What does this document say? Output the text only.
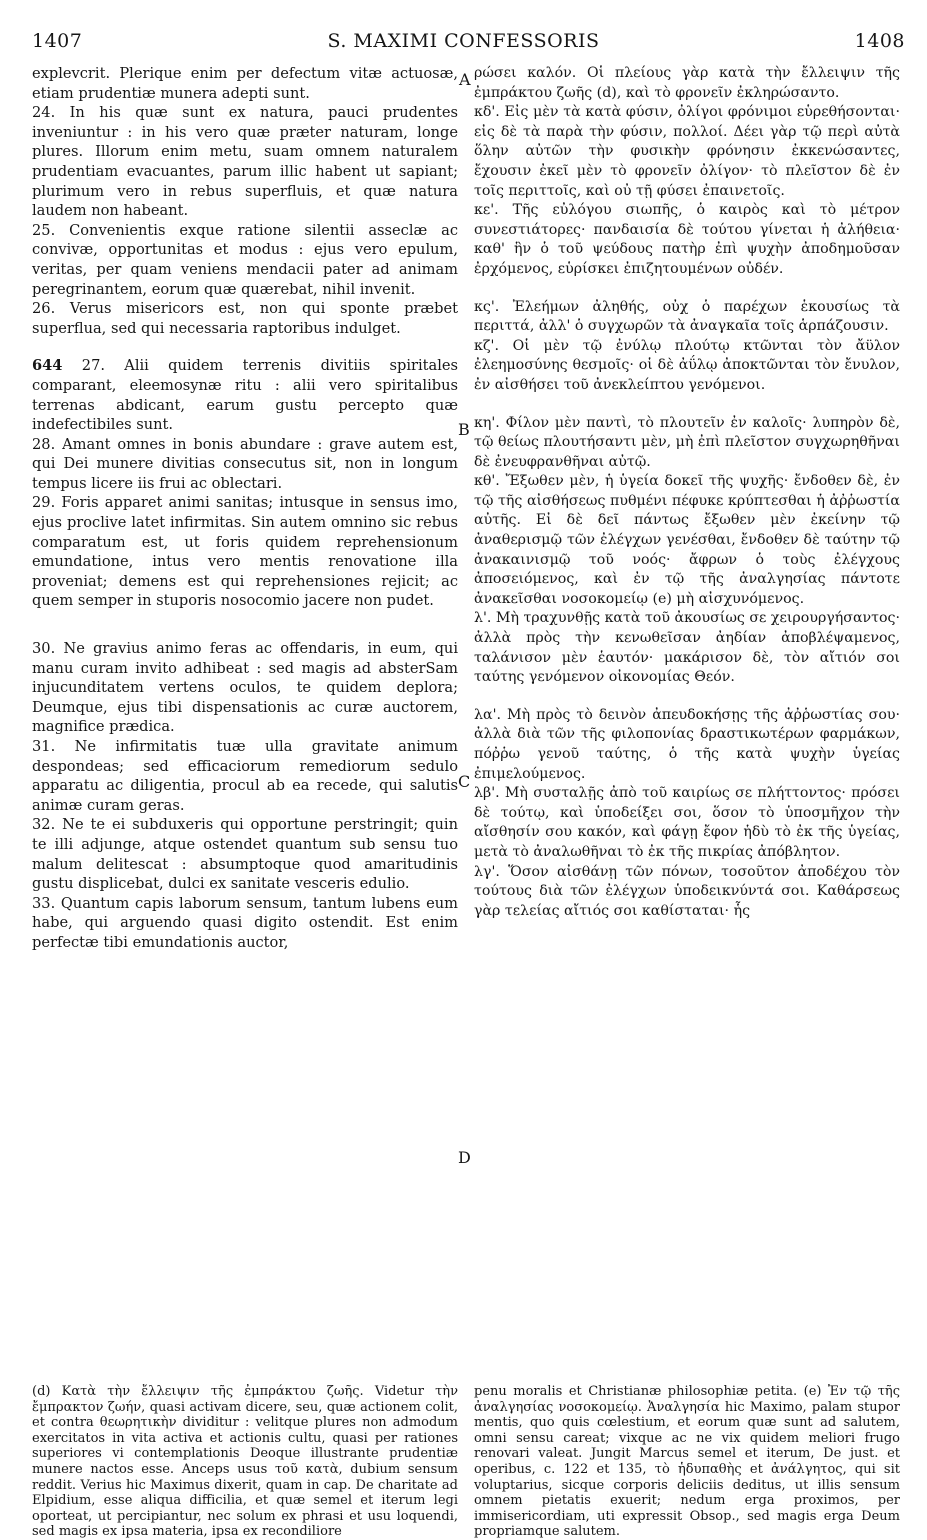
1407	S. MAXIMI CONFESSORIS	1408
A
B
C
D

explevcrit. Plerique enim per defectum vitæ actuosæ, etiam prudentiæ munera adepti sunt.

24. In his quæ sunt ex natura, pauci prudentes inveniuntur : in his vero quæ præter naturam, longe plures. Illorum enim metu, suam omnem naturalem prudentiam evacuantes, parum illic habent ut sapiant; plurimum vero in rebus superfluis, et quæ natura laudem non habeant.

25. Convenientis exque ratione silentii asseclæ ac convivæ, opportunitas et modus : ejus vero epulum, veritas, per quam veniens mendacii pater ad animam peregrinantem, eorum quæ quærebat, nihil invenit.

26. Verus misericors est, non qui sponte præbet superflua, sed qui necessaria raptoribus indulget.

644 27. Alii quidem terrenis divitiis spiritales comparant, eleemosynæ ritu : alii vero spiritalibus terrenas abdicant, earum gustu percepto quæ indefectibiles sunt.

28. Amant omnes in bonis abundare : grave autem est, qui Dei munere divitias consecutus sit, non in longum tempus licere iis frui ac oblectari.

29. Foris apparet animi sanitas; intusque in sensus imo, ejus proclive latet infirmitas. Sin autem omnino sic rebus comparatum est, ut foris quidem reprehensionum emundatione, intus vero mentis renovatione illa proveniat; demens est qui reprehensiones rejicit; ac quem semper in stuporis nosocomio jacere non pudet.

30. Ne gravius animo feras ac offendaris, in eum, qui manu curam invito adhibeat : sed magis ad absterSam injucunditatem vertens oculos, te quidem deplora; Deumque, ejus tibi dispensationis ac curæ auctorem, magnifice prædica.

31. Ne infirmitatis tuæ ulla gravitate animum despondeas; sed efficaciorum remediorum sedulo apparatu ac diligentia, procul ab ea recede, qui salutis animæ curam geras.

32. Ne te ei subduxeris qui opportune perstringit; quin te illi adjunge, atque ostendet quantum sub sensu tuo malum delitescat : absumptoque quod amaritudinis gustu displicebat, dulci ex sanitate vesceris edulio.

33. Quantum capis laborum sensum, tantum lubens eum habe, qui arguendo quasi digito ostendit. Est enim perfectæ tibi emundationis auctor,

ρώσει καλόν. Οἱ πλείους γὰρ κατὰ τὴν ἔλλειψιν τῆς ἐμπράκτου ζωῆς (d), καὶ τὸ φρονεῖν ἐκληρώσαντο.

κδ'. Εἰς μὲν τὰ κατὰ φύσιν, ὀλίγοι φρόνιμοι εὑρεθήσονται· εἰς δὲ τὰ παρὰ τὴν φύσιν, πολλοί. Δέει γὰρ τῷ περὶ αὐτὰ ὅλην αὐτῶν τὴν φυσικὴν φρόνησιν ἐκκενώσαντες, ἔχουσιν ἐκεῖ μὲν τὸ φρονεῖν ὀλίγον· τὸ πλεῖστον δὲ ἐν τοῖς περιττοῖς, καὶ οὐ τῇ φύσει ἐπαινετοῖς.

κε'. Τῆς εὐλόγου σιωπῆς, ὁ καιρὸς καὶ τὸ μέτρον συνεστιάτορες· πανδαισία δὲ τούτου γίνεται ἡ ἀλήθεια· καθ' ἣν ὁ τοῦ ψεύδους πατὴρ ἐπὶ ψυχὴν ἀποδημοῦσαν ἐρχόμενος, εὑρίσκει ἐπιζητουμένων οὐδέν.

κς'. Ἐλεήμων ἀληθής, οὐχ ὁ παρέχων ἑκουσίως τὰ περιττά, ἀλλ' ὁ συγχωρῶν τὰ ἀναγκαῖα τοῖς ἁρπάζουσιν.

κζ'. Οἱ μὲν τῷ ἐνύλῳ πλούτῳ κτῶνται τὸν ἄϋλον ἐλεημοσύνης θεσμοῖς· οἱ δὲ ἀΰλῳ ἀποκτῶνται τὸν ἔνυλον, ἐν αἰσθήσει τοῦ ἀνεκλείπτου γενόμενοι.

κη'. Φίλον μὲν παντὶ, τὸ πλουτεῖν ἐν καλοῖς· λυπηρὸν δὲ, τῷ θείως πλουτήσαντι μὲν, μὴ ἐπὶ πλεῖστον συγχωρηθῆναι δὲ ἐνευφρανθῆναι αὐτῷ.

κθ'. Ἔξωθεν μὲν, ἡ ὑγεία δοκεῖ τῆς ψυχῆς· ἔνδοθεν δὲ, ἐν τῷ τῆς αἰσθήσεως πυθμένι πέφυκε κρύπτεσθαι ἡ ἀῤῥωστία αὐτῆς. Εἰ δὲ δεῖ πάντως ἔξωθεν μὲν ἐκείνην τῷ ἀναθερισμῷ τῶν ἐλέγχων γενέσθαι, ἔνδοθεν δὲ ταύτην τῷ ἀνακαινισμῷ τοῦ νοός· ἄφρων ὁ τοὺς ἐλέγχους ἀποσειόμενος, καὶ ἐν τῷ τῆς ἀναλγησίας πάντοτε ἀνακεῖσθαι νοσοκομείῳ (e) μὴ αἰσχυνόμενος.

λ'. Μὴ τραχυνθῇς κατὰ τοῦ ἀκουσίως σε χειρουργήσαντος· ἀλλὰ πρὸς τὴν κενωθεῖσαν ἀηδίαν ἀποβλέψαμενος, ταλάνισον μὲν ἑαυτόν· μακάρισον δὲ, τὸν αἴτιόν σοι ταύτης γενόμενον οἰκονομίας Θεόν.

λα'. Μὴ πρὸς τὸ δεινὸν ἀπευδοκήσῃς τῆς ἀῤῥωστίας σου· ἀλλὰ διὰ τῶν τῆς φιλοπονίας δραστικωτέρων φαρμάκων, πόῤῥω γενοῦ ταύτης, ὁ τῆς κατὰ ψυχὴν ὑγείας ἐπιμελούμενος.

λβ'. Μὴ συσταλῇς ἀπὸ τοῦ καιρίως σε πλήττοντος· πρόσει δὲ τούτῳ, καὶ ὑποδείξει σοι, ὅσον τὸ ὑποσμῆχον τὴν αἴσθησίν σου κακόν, καὶ φάγῃ ἔφον ἡδὺ τὸ ἐκ τῆς ὑγείας, μετὰ τὸ ἀναλωθῆναι τὸ ἐκ τῆς πικρίας ἀπόβλητον.

λγ'. Ὅσον αἰσθάνῃ τῶν πόνων, τοσοῦτον ἀποδέχου τὸν τούτους διὰ τῶν ἐλέγχων ὑποδεικνύντά σοι. Καθάρσεως γὰρ τελείας αἴτιός σοι καθίσταται· ἧς

(d) Κατὰ τὴν ἔλλειψιν τῆς ἐμπράκτου ζωῆς. Videtur τὴν ἔμπρακτον ζωήν, quasi activam dicere, seu, quæ actionem colit, et contra θεωρητικὴν dividitur : velitque plures non admodum exercitatos in vita activa et actionis cultu, quasi per rationes superiores vi contemplationis Deoque illustrante prudentiæ munere nactos esse. Anceps usus τοῦ κατὰ, dubium sensum reddit. Verius hic Maximus dixerit, quam in cap. De charitate ad Elpidium, esse aliqua difficilia, et quæ semel et iterum legi oporteat, ut percipiantur, nec solum ex phrasi et usu loquendi, sed magis ex ipsa materia, ipsa ex recondiliore
penu moralis et Christianæ philosophiæ petita. (e) Ἐν τῷ τῆς ἀναλγησίας νοσοκομείῳ. Ἀναλγησία hic Maximo, palam stupor mentis, quo quis cœlestium, et eorum quæ sunt ad salutem, omni sensu careat; vixque ac ne vix quidem meliori frugo renovari valeat. Jungit Marcus semel et iterum, De just. et operibus, c. 122 et 135, τὸ ἡδυπαθὴς et ἀνάλγητος, qui sit voluptarius, sicque corporis deliciis deditus, ut illis sensum omnem pietatis exuerit; nedum erga proximos, per immisericordiam, uti expressit Obsop., sed magis erga Deum propriamque salutem.
